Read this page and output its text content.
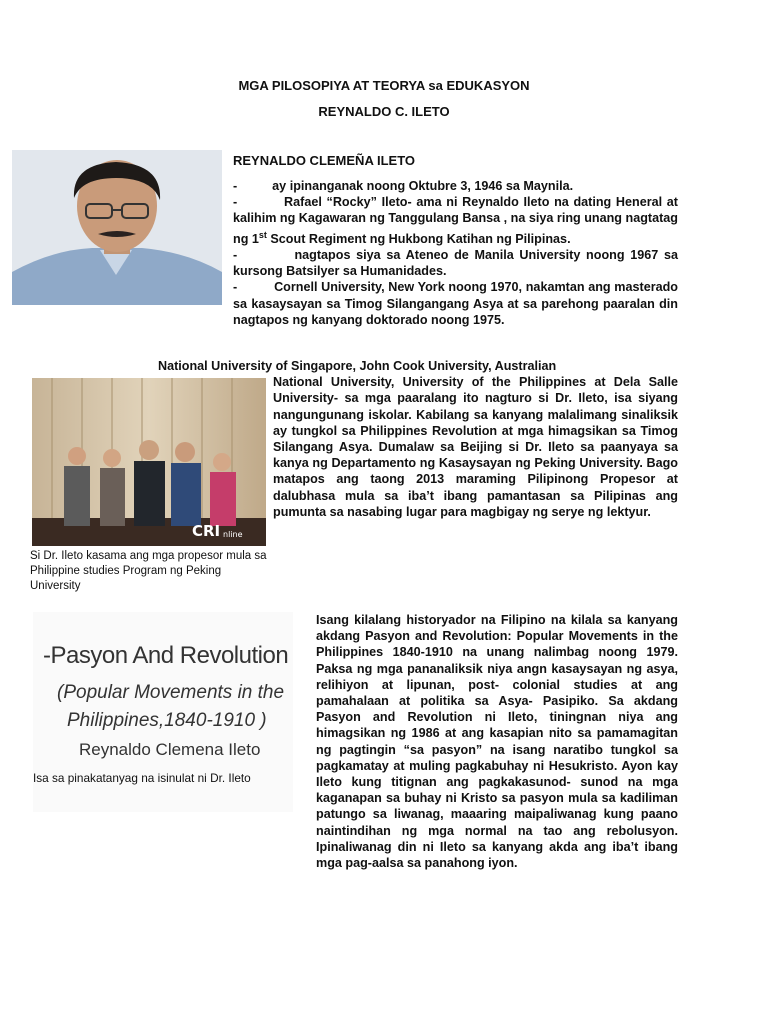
MGA PILOSOPIYA AT TEORYA sa EDUKASYON
REYNALDO C. ILETO
REYNALDO CLEMEÑA ILETO

-          ay ipinanganak noong Oktubre 3, 1946 sa Maynila.

-          Rafael “Rocky” Ileto- ama ni Reynaldo Ileto na dating Heneral at kalihim ng Kagawaran ng Tanggulang Bansa , na siya ring unang nagtatag ng 1st Scout Regiment ng Hukbong Katihan ng Pilipinas.

-          nagtapos siya sa Ateneo de Manila University noong 1967 sa kursong Batsilyer sa Humanidades.

-          Cornell University, New York noong 1970, nakamtan ang masterado sa kasaysayan sa Timog Silangangang Asya at sa parehong paaralan din nagtapos ng kanyang doktorado noong 1975.

National University of Singapore, John Cook University, Australian
National University, University of the Philippines at Dela Salle University- sa mga paaralang ito nagturo si Dr. Ileto, isa siyang nangungunang iskolar. Kabilang sa kanyang malalimang sinaliksik ay tungkol sa Philippines Revolution at mga himagsikan sa Timog Silangang Asya. Dumalaw sa Beijing si Dr. Ileto sa paanyaya sa kanya ng Departamento ng Kasaysayan ng Peking University. Bago matapos ang taong 2013 maraming Pilipinong Propesor at dalubhasa mula sa iba’t ibang pamantasan sa Pilipinas ang pumunta sa nasabing lugar para magbigay ng serye ng lektyur.
CRI nline
Si Dr. Ileto kasama ang mga propesor mula sa Philippine studies Program ng Peking University
-Pasyon And Revolution
(Popular Movements in the
Philippines,1840-1910 )
Reynaldo Clemena Ileto
Isa sa pinakatanyag na isinulat ni Dr. Ileto
Isang kilalang historyador na Filipino na kilala sa kanyang akdang Pasyon and Revolution: Popular Movements in the Philippines 1840-1910 na unang nalimbag noong 1979. Paksa ng mga pananaliksik niya angn kasaysayan ng asya, relihiyon at lipunan, post- colonial studies at ang pamahalaan at politika sa Asya- Pasipiko. Sa akdang Pasyon and Revolution ni Ileto, tiningnan niya ang himagsikan ng 1986 at ang kasapian nito sa pamamagitan ng pagtingin “sa pasyon” na isang naratibo tungkol sa pagkamatay at muling pagkabuhay ni Hesukristo. Ayon kay Ileto kung titignan ang pagkakasunod- sunod na mga kaganapan sa buhay ni Kristo sa pasyon mula sa kadiliman patungo sa liwanag, maaaring maipaliwanag kung paano naintindihan ng mga normal na tao ang rebolusyon. Ipinaliwanag din ni Ileto sa kanyang akda ang iba’t ibang mga pag-aalsa sa panahong iyon.
